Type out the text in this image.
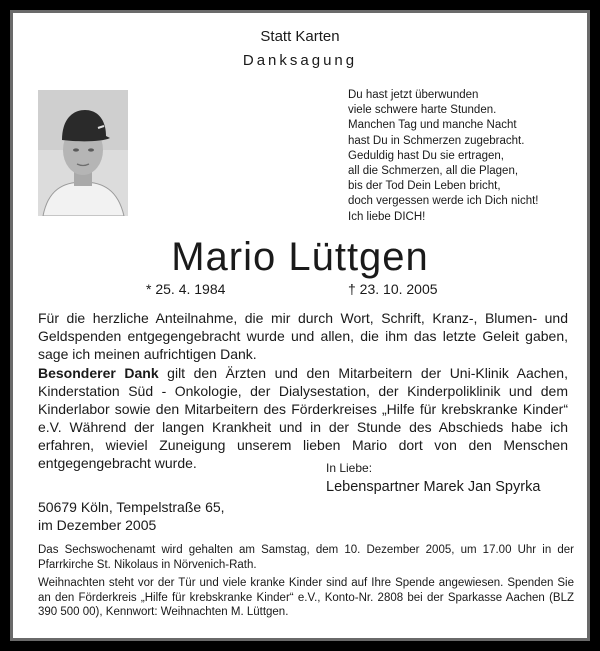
Statt Karten
Danksagung
Du hast jetzt überwunden
viele schwere harte Stunden.
Manchen Tag und manche Nacht
hast Du in Schmerzen zugebracht.
Geduldig hast Du sie ertragen,
all die Schmerzen, all die Plagen,
bis der Tod Dein Leben bricht,
doch vergessen werde ich Dich nicht!
Ich liebe DICH!
Mario Lüttgen
* 25. 4. 1984	† 23. 10. 2005
Für die herzliche Anteilnahme, die mir durch Wort, Schrift, Kranz-, Blumen- und Geldspenden entgegengebracht wurde und allen, die ihm das letzte Geleit gaben, sage ich meinen aufrichtigen Dank.
Besonderer Dank gilt den Ärzten und den Mitarbeitern der Uni-Klinik Aachen, Kinderstation Süd - Onkologie, der Dialysestation, der Kinderpoliklinik und dem Kinderlabor sowie den Mitarbeitern des Förderkreises „Hilfe für krebskranke Kinder“ e.V. Während der langen Krankheit und in der Stunde des Abschieds habe ich erfahren, wieviel Zuneigung unserem lieben Mario dort von den Menschen entgegengebracht wurde.	In Liebe:
Lebenspartner Marek Jan Spyrka
50679 Köln, Tempelstraße 65,
im Dezember 2005
Das Sechswochenamt wird gehalten am Samstag, dem 10. Dezember 2005, um 17.00 Uhr in der Pfarrkirche St. Nikolaus in Nörvenich-Rath.
Weihnachten steht vor der Tür und viele kranke Kinder sind auf Ihre Spende angewiesen. Spenden Sie an den Förderkreis „Hilfe für krebskranke Kinder“ e.V., Konto-Nr. 2808 bei der Sparkasse Aachen (BLZ 390 500 00), Kennwort: Weihnachten M. Lüttgen.
